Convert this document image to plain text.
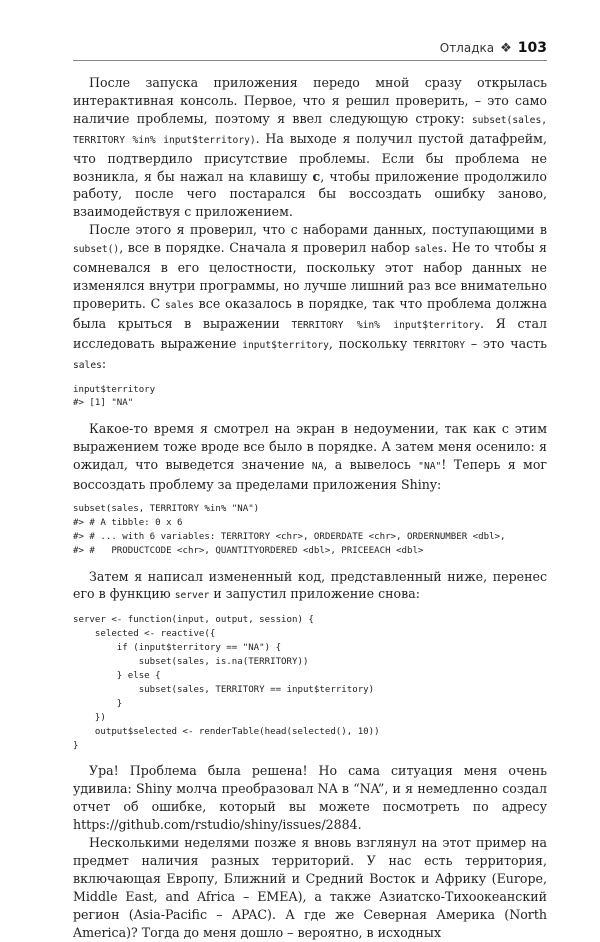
Отладка ❖ 103

После запуска приложения передо мной сразу открылась интерактивная консоль. Первое, что я решил проверить, – это само наличие проблемы, поэтому я ввел следующую строку: subset(sales, TERRITORY %in% input$territory). На выходе я получил пустой датафрейм, что подтвердило присутствие проблемы. Если бы проблема не возникла, я бы нажал на клавишу c, чтобы приложение продолжило работу, после чего постарался бы воссоздать ошибку заново, взаимодействуя с приложением.

После этого я проверил, что с наборами данных, поступающими в subset(), все в порядке. Сначала я проверил набор sales. Не то чтобы я сомневался в его целостности, поскольку этот набор данных не изменялся внутри программы, но лучше лишний раз все внимательно проверить. С sales все оказалось в порядке, так что проблема должна была крыться в выражении TERRITORY %in% input$territory. Я стал исследовать выражение input$territory, поскольку TERRITORY – это часть sales:

input$territory
#> [1] "NA"

Какое-то время я смотрел на экран в недоумении, так как с этим выражением тоже вроде все было в порядке. А затем меня осенило: я ожидал, что выведется значение NA, а вывелось "NA"! Теперь я мог воссоздать проблему за пределами приложения Shiny:

subset(sales, TERRITORY %in% "NA")
#> # A tibble: 0 x 6
#> # ... with 6 variables: TERRITORY <chr>, ORDERDATE <chr>, ORDERNUMBER <dbl>,
#> #   PRODUCTCODE <chr>, QUANTITYORDERED <dbl>, PRICEEACH <dbl>

Затем я написал измененный код, представленный ниже, перенес его в функцию server и запустил приложение снова:

server <- function(input, output, session) {
selected <- reactive({
if (input$territory == "NA") {
subset(sales, is.na(TERRITORY))
} else {
subset(sales, TERRITORY == input$territory)
}
})
output$selected <- renderTable(head(selected(), 10))
}

Ура! Проблема была решена! Но сама ситуация меня очень удивила: Shiny молча преобразовал NA в “NA”, и я немедленно создал отчет об ошибке, который вы можете посмотреть по адресу https://github.com/rstudio/shiny/issues/2884.

Несколькими неделями позже я вновь взглянул на этот пример на предмет наличия разных территорий. У нас есть территория, включающая Европу, Ближний и Средний Восток и Африку (Europe, Middle East, and Africa – EMEA), а также Азиатско-Тихоокеанский регион (Asia-Pacific – APAC). А где же Северная Америка (North America)? Тогда до меня дошло – вероятно, в исходных
